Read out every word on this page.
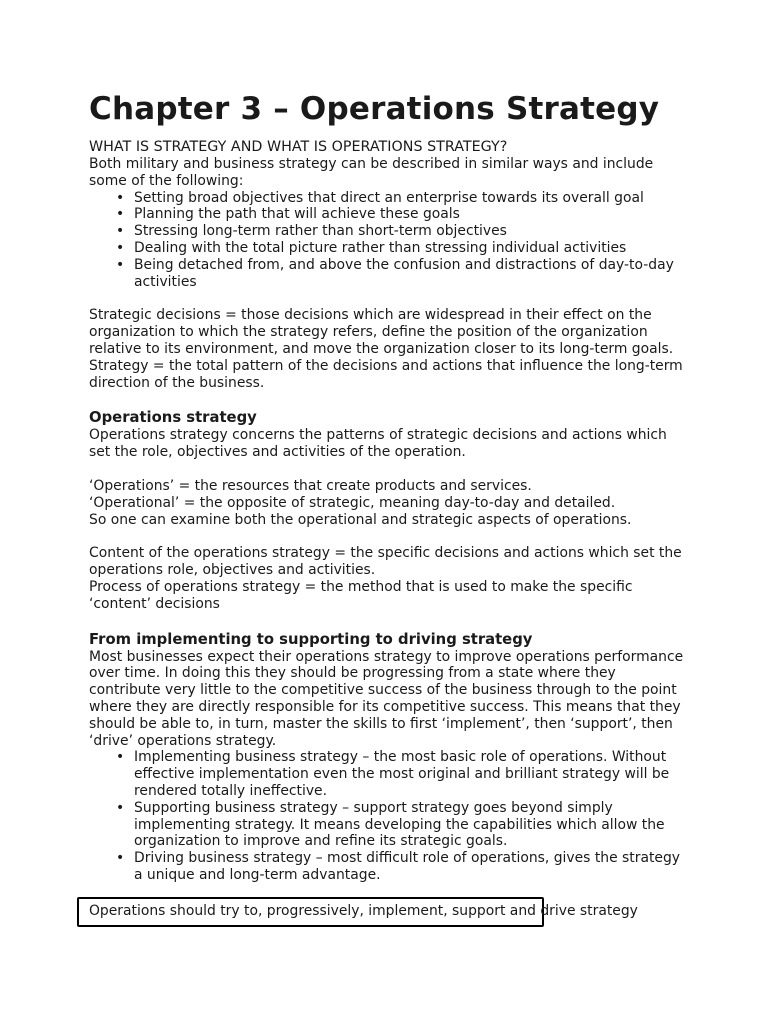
Chapter 3 – Operations Strategy
WHAT IS STRATEGY AND WHAT IS OPERATIONS STRATEGY?

Both military and business strategy can be described in similar ways and include some of the following:

• Setting broad objectives that direct an enterprise towards its overall goal
• Planning the path that will achieve these goals
• Stressing long-term rather than short-term objectives
• Dealing with the total picture rather than stressing individual activities
• Being detached from, and above the confusion and distractions of day-to-day activities

Strategic decisions = those decisions which are widespread in their effect on the organization to which the strategy refers, define the position of the organization relative to its environment, and move the organization closer to its long-term goals.

Strategy = the total pattern of the decisions and actions that influence the long-term direction of the business.

Operations strategy

Operations strategy concerns the patterns of strategic decisions and actions which set the role, objectives and activities of the operation.

‘Operations’ = the resources that create products and services.

‘Operational’ = the opposite of strategic, meaning day-to-day and detailed.

So one can examine both the operational and strategic aspects of operations.

Content of the operations strategy = the specific decisions and actions which set the operations role, objectives and activities.

Process of operations strategy = the method that is used to make the specific ‘content’ decisions

From implementing to supporting to driving strategy

Most businesses expect their operations strategy to improve operations performance over time. In doing this they should be progressing from a state where they contribute very little to the competitive success of the business through to the point where they are directly responsible for its competitive success. This means that they should be able to, in turn, master the skills to first ‘implement’, then ‘support’, then ‘drive’ operations strategy.

• Implementing business strategy – the most basic role of operations. Without effective implementation even the most original and brilliant strategy will be rendered totally ineffective.
• Supporting business strategy – support strategy goes beyond simply implementing strategy. It means developing the capabilities which allow the organization to improve and refine its strategic goals.
• Driving business strategy – most difficult role of operations, gives the strategy a unique and long-term advantage.

Operations should try to, progressively, implement, support and drive strategy
